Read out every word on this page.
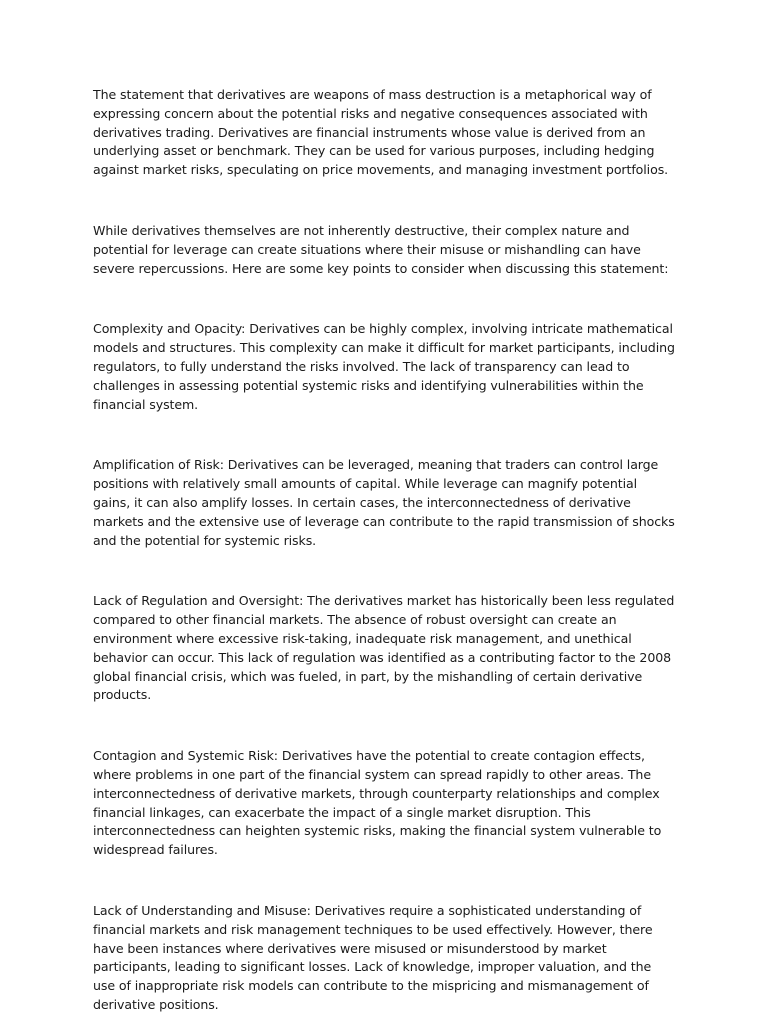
The statement that derivatives are weapons of mass destruction is a metaphorical way of expressing concern about the potential risks and negative consequences associated with derivatives trading. Derivatives are financial instruments whose value is derived from an underlying asset or benchmark. They can be used for various purposes, including hedging against market risks, speculating on price movements, and managing investment portfolios.

While derivatives themselves are not inherently destructive, their complex nature and potential for leverage can create situations where their misuse or mishandling can have severe repercussions. Here are some key points to consider when discussing this statement:

Complexity and Opacity: Derivatives can be highly complex, involving intricate mathematical models and structures. This complexity can make it difficult for market participants, including regulators, to fully understand the risks involved. The lack of transparency can lead to challenges in assessing potential systemic risks and identifying vulnerabilities within the financial system.

Amplification of Risk: Derivatives can be leveraged, meaning that traders can control large positions with relatively small amounts of capital. While leverage can magnify potential gains, it can also amplify losses. In certain cases, the interconnectedness of derivative markets and the extensive use of leverage can contribute to the rapid transmission of shocks and the potential for systemic risks.

Lack of Regulation and Oversight: The derivatives market has historically been less regulated compared to other financial markets. The absence of robust oversight can create an environment where excessive risk-taking, inadequate risk management, and unethical behavior can occur. This lack of regulation was identified as a contributing factor to the 2008 global financial crisis, which was fueled, in part, by the mishandling of certain derivative products.

Contagion and Systemic Risk: Derivatives have the potential to create contagion effects, where problems in one part of the financial system can spread rapidly to other areas. The interconnectedness of derivative markets, through counterparty relationships and complex financial linkages, can exacerbate the impact of a single market disruption. This interconnectedness can heighten systemic risks, making the financial system vulnerable to widespread failures.

Lack of Understanding and Misuse: Derivatives require a sophisticated understanding of financial markets and risk management techniques to be used effectively. However, there have been instances where derivatives were misused or misunderstood by market participants, leading to significant losses. Lack of knowledge, improper valuation, and the use of inappropriate risk models can contribute to the mispricing and mismanagement of derivative positions.
